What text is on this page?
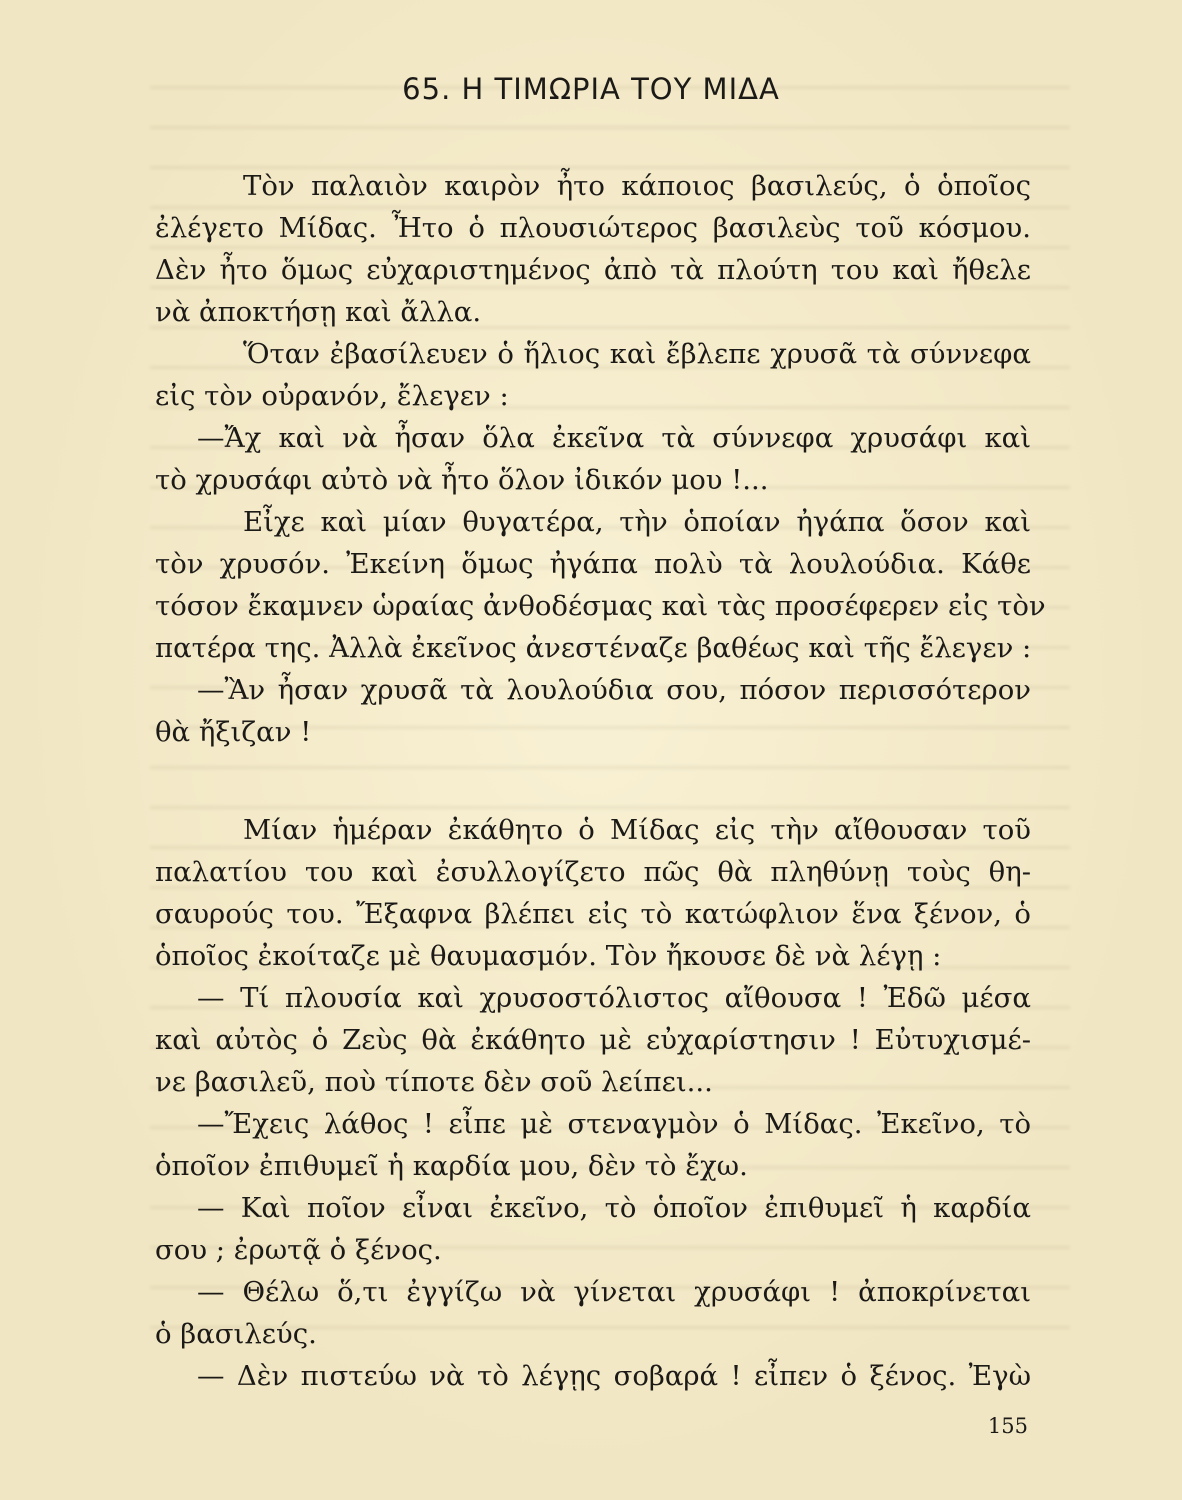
65. Η ΤΙΜΩΡΙΑ ΤΟΥ ΜΙΔΑ
Τὸν παλαιὸν καιρὸν ἦτο κάποιος βασιλεύς, ὁ ὁποῖος
ἐλέγετο Μίδας. Ἦτο ὁ πλουσιώτερος βασιλεὺς τοῦ κόσμου.
Δὲν ἦτο ὅμως εὐχαριστημένος ἀπὸ τὰ πλούτη του καὶ ἤθελε
νὰ ἀποκτήσῃ καὶ ἄλλα.
Ὅταν ἐβασίλευεν ὁ ἥλιος καὶ ἔβλεπε χρυσᾶ τὰ σύννεφα
εἰς τὸν οὐρανόν, ἔλεγεν :
—Ἄχ καὶ νὰ ἦσαν ὅλα ἐκεῖνα τὰ σύννεφα χρυσάφι καὶ
τὸ χρυσάφι αὐτὸ νὰ ἦτο ὅλον ἰδικόν μου !...
Εἶχε καὶ μίαν θυγατέρα, τὴν ὁποίαν ἠγάπα ὅσον καὶ
τὸν χρυσόν. Ἐκείνη ὅμως ἠγάπα πολὺ τὰ λουλούδια. Κάθε
τόσον ἔκαμνεν ὡραίας ἀνθοδέσμας καὶ τὰς προσέφερεν εἰς τὸν
πατέρα της. Ἀλλὰ ἐκεῖνος ἀνεστέναζε βαθέως καὶ τῆς ἔλεγεν :
—Ἂν ἦσαν χρυσᾶ τὰ λουλούδια σου, πόσον περισσότερον
θὰ ἤξιζαν !
Μίαν ἡμέραν ἐκάθητο ὁ Μίδας εἰς τὴν αἴθουσαν τοῦ
παλατίου του καὶ ἐσυλλογίζετο πῶς θὰ πληθύνῃ τοὺς θη-
σαυρούς του. Ἔξαφνα βλέπει εἰς τὸ κατώφλιον ἕνα ξένον, ὁ
ὁποῖος ἐκοίταζε μὲ θαυμασμόν. Τὸν ἤκουσε δὲ νὰ λέγῃ :
— Τί πλουσία καὶ χρυσοστόλιστος αἴθουσα ! Ἐδῶ μέσα
καὶ αὐτὸς ὁ Ζεὺς θὰ ἐκάθητο μὲ εὐχαρίστησιν ! Εὐτυχισμέ-
νε βασιλεῦ, ποὺ τίποτε δὲν σοῦ λείπει...
—Ἔχεις λάθος ! εἶπε μὲ στεναγμὸν ὁ Μίδας. Ἐκεῖνο, τὸ
ὁποῖον ἐπιθυμεῖ ἡ καρδία μου, δὲν τὸ ἔχω.
— Καὶ ποῖον εἶναι ἐκεῖνο, τὸ ὁποῖον ἐπιθυμεῖ ἡ καρδία
σου ; ἐρωτᾷ ὁ ξένος.
— Θέλω ὅ,τι ἐγγίζω νὰ γίνεται χρυσάφι ! ἀποκρίνεται
ὁ βασιλεύς.
— Δὲν πιστεύω νὰ τὸ λέγῃς σοβαρά ! εἶπεν ὁ ξένος. Ἐγὼ
155
